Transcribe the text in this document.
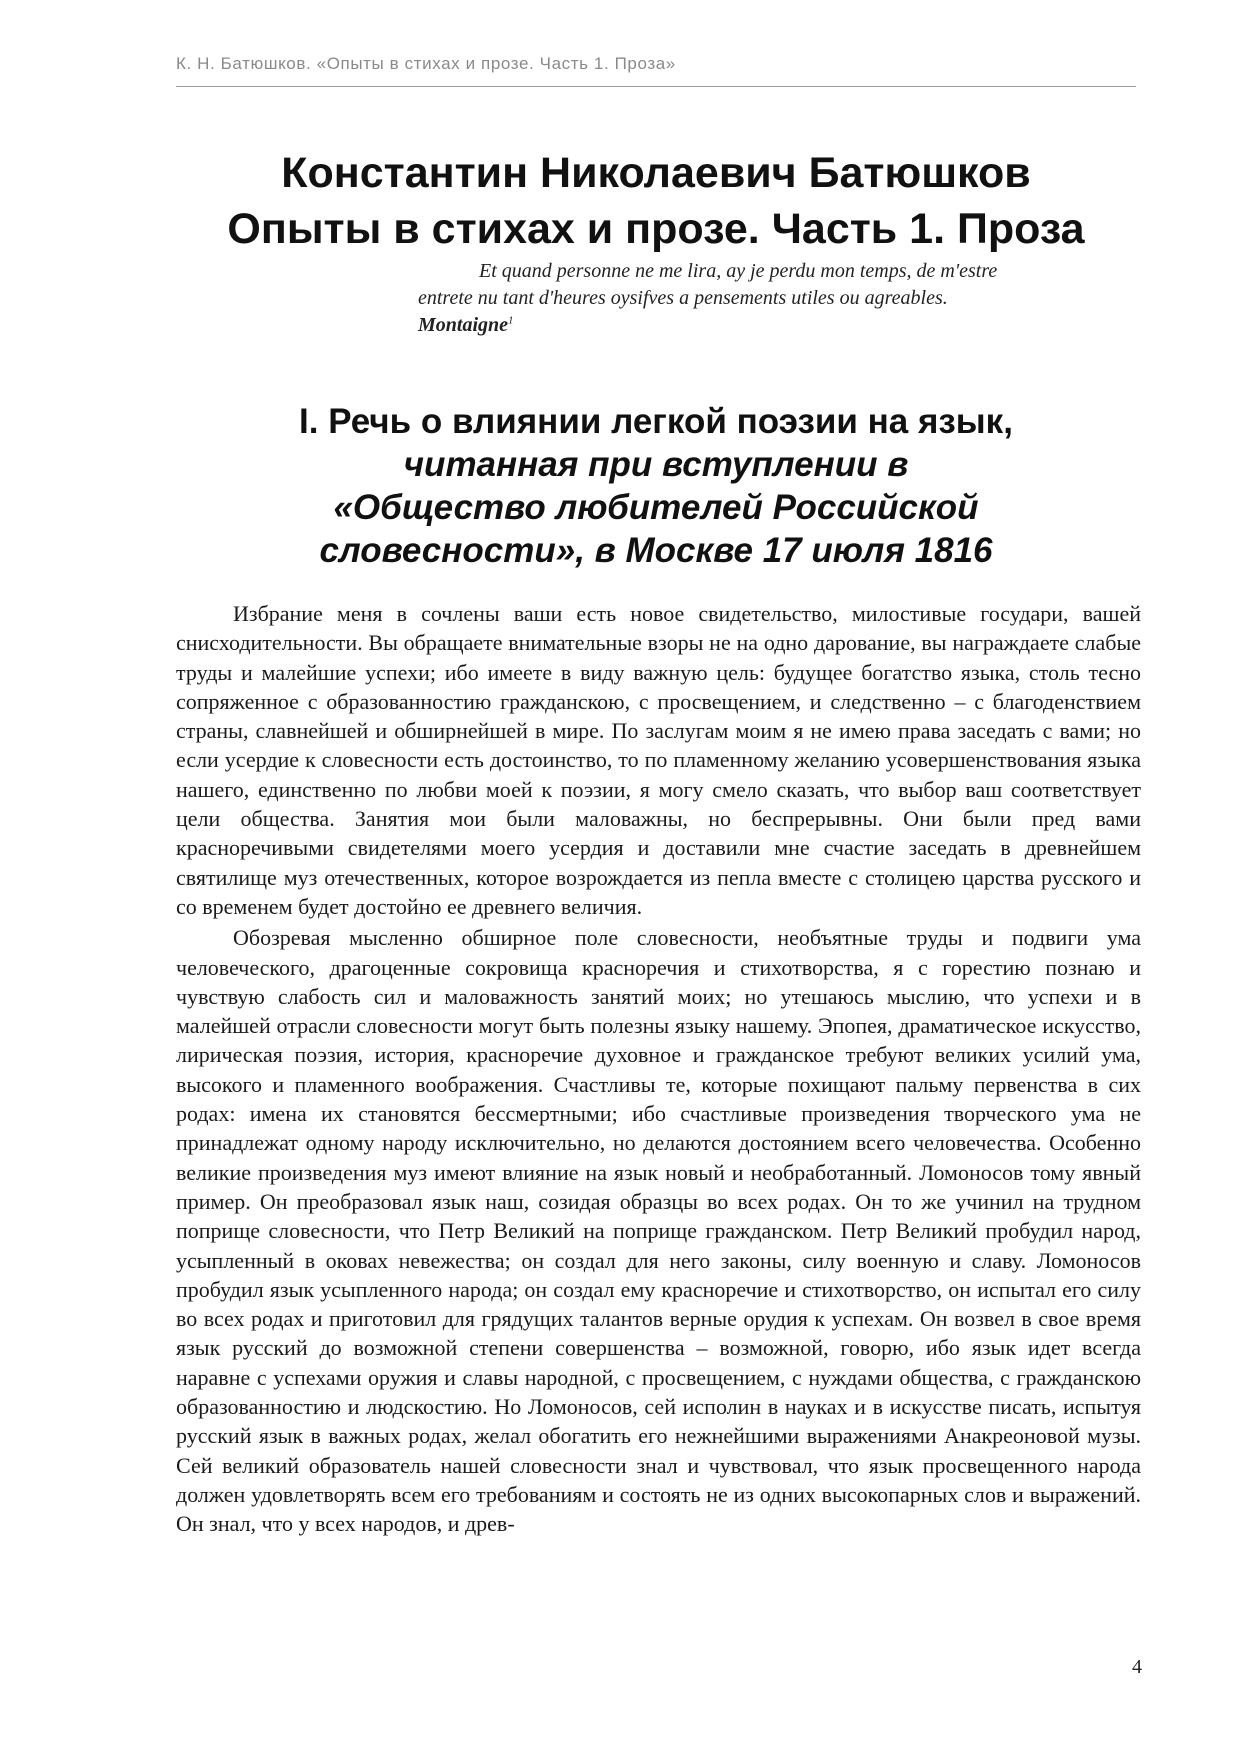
К. Н. Батюшков. «Опыты в стихах и прозе. Часть 1. Проза»
Константин Николаевич Батюшков
Опыты в стихах и прозе. Часть 1. Проза
Et quand personne ne me lira, ay je perdu mon temps, de m'estre
entrete nu tant d'heures oysifves a pensements utiles ou agreables.
Montaigne$^1$
I. Речь о влиянии легкой поэзии на язык,
читанная при вступлении в
«Общество любителей Российской
словесности», в Москве 17 июля 1816

Избрание меня в сочлены ваши есть новое свидетельство, милостивые государи, вашей снисходительности. Вы обращаете внимательные взоры не на одно дарование, вы награждаете слабые труды и малейшие успехи; ибо имеете в виду важную цель: будущее богатство языка, столь тесно сопряженное с образованностию гражданскою, с просвещением, и следственно – с благоденствием страны, славнейшей и обширнейшей в мире. По заслугам моим я не имею права заседать с вами; но если усердие к словесности есть достоинство, то по пламенному желанию усовершенствования языка нашего, единственно по любви моей к поэзии, я могу смело сказать, что выбор ваш соответствует цели общества. Занятия мои были маловажны, но беспрерывны. Они были пред вами красноречивыми свидетелями моего усердия и доставили мне счастие заседать в древнейшем святилище муз отечественных, которое возрождается из пепла вместе с столицею царства русского и со временем будет достойно ее древнего величия.

Обозревая мысленно обширное поле словесности, необъятные труды и подвиги ума человеческого, драгоценные сокровища красноречия и стихотворства, я с горестию познаю и чувствую слабость сил и маловажность занятий моих; но утешаюсь мыслию, что успехи и в малейшей отрасли словесности могут быть полезны языку нашему. Эпопея, драматическое искусство, лирическая поэзия, история, красноречие духовное и гражданское требуют великих усилий ума, высокого и пламенного воображения. Счастливы те, которые похищают пальму первенства в сих родах: имена их становятся бессмертными; ибо счастливые произведения творческого ума не принадлежат одному народу исключительно, но делаются достоянием всего человечества. Особенно великие произведения муз имеют влияние на язык новый и необработанный. Ломоносов тому явный пример. Он преобразовал язык наш, созидая образцы во всех родах. Он то же учинил на трудном поприще словесности, что Петр Великий на поприще гражданском. Петр Великий пробудил народ, усыпленный в оковах невежества; он создал для него законы, силу военную и славу. Ломоносов пробудил язык усыпленного народа; он создал ему красноречие и стихотворство, он испытал его силу во всех родах и приготовил для грядущих талантов верные орудия к успехам. Он возвел в свое время язык русский до возможной степени совершенства – возможной, говорю, ибо язык идет всегда наравне с успехами оружия и славы народной, с просвещением, с нуждами общества, с гражданскою образованностию и людскостию. Но Ломоносов, сей исполин в науках и в искусстве писать, испытуя русский язык в важных родах, желал обогатить его нежнейшими выражениями Анакреоновой музы. Сей великий образователь нашей словесности знал и чувствовал, что язык просвещенного народа должен удовлетворять всем его требованиям и состоять не из одних высокопарных слов и выражений. Он знал, что у всех народов, и древ-

4
